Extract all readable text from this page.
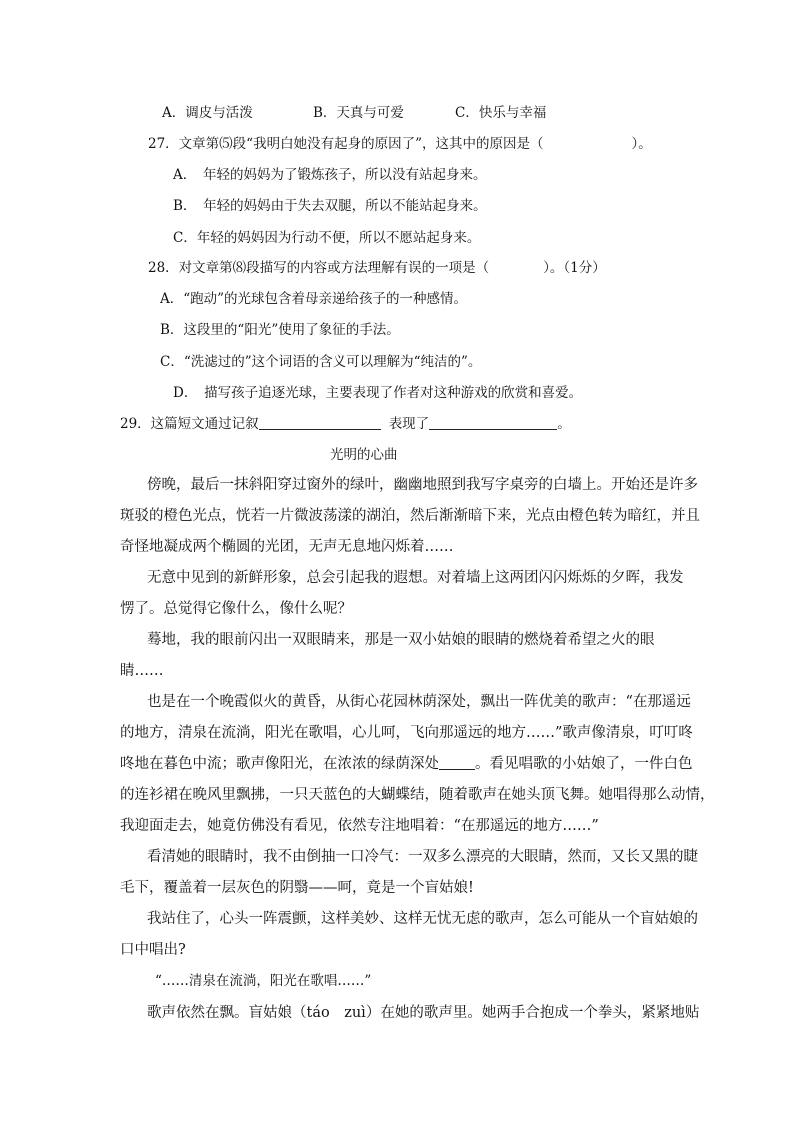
A．调皮与活泼	B．天真与可爱	C．快乐与幸福
27．文章第⑸段“我明白她没有起身的原因了”，这其中的原因是（	）。
A．　年轻的妈妈为了锻炼孩子，所以没有站起身来。
B．　年轻的妈妈由于失去双腿，所以不能站起身来。
C．年轻的妈妈因为行动不便，所以不愿站起身来。
28．对文章第⑻段描写的内容或方法理解有误的一项是（	）。（1分）
A．“跑动”的光球包含着母亲递给孩子的一种感情。
B．这段里的“阳光”使用了象征的手法。
C．“洗滤过的”这个词语的含义可以理解为“纯洁的”。
D．　描写孩子追逐光球，主要表现了作者对这种游戏的欣赏和喜爱。
29．这篇短文通过记叙	表现了	。
光明的心曲
傍晚，最后一抹斜阳穿过窗外的绿叶，幽幽地照到我写字桌旁的白墙上。开始还是许多
斑驳的橙色光点，恍若一片微波荡漾的湖泊，然后渐渐暗下来，光点由橙色转为暗红，并且
奇怪地凝成两个椭圆的光团，无声无息地闪烁着……
无意中见到的新鲜形象，总会引起我的遐想。对着墙上这两团闪闪烁烁的夕晖，我发
愣了。总觉得它像什么，像什么呢？
蓦地，我的眼前闪出一双眼睛来，那是一双小姑娘的眼睛的燃烧着希望之火的眼
睛……
也是在一个晚霞似火的黄昏，从街心花园林荫深处，飘出一阵优美的歌声：“在那遥远
的地方，清泉在流淌，阳光在歌唱，心儿呵，飞向那遥远的地方……”歌声像清泉，叮叮咚
咚地在暮色中流；歌声像阳光，在浓浓的绿荫深处 。看见唱歌的小姑娘了，一件白色
的连衫裙在晚风里飘拂，一只天蓝色的大蝴蝶结，随着歌声在她头顶飞舞。她唱得那么动情，
我迎面走去，她竟仿佛没有看见，依然专注地唱着：“在那遥远的地方……”
看清她的眼睛时，我不由倒抽一口冷气：一双多么漂亮的大眼睛，然而，又长又黑的睫
毛下，覆盖着一层灰色的阴翳——呵，竟是一个盲姑娘!
我站住了，心头一阵震颤，这样美妙、这样无忧无虑的歌声，怎么可能从一个盲姑娘的
口中唱出?
“……清泉在流淌，阳光在歌唱……”
歌声依然在飘。盲姑娘（táo　zuì）在她的歌声里。她两手合抱成一个拳头，紧紧地贴
